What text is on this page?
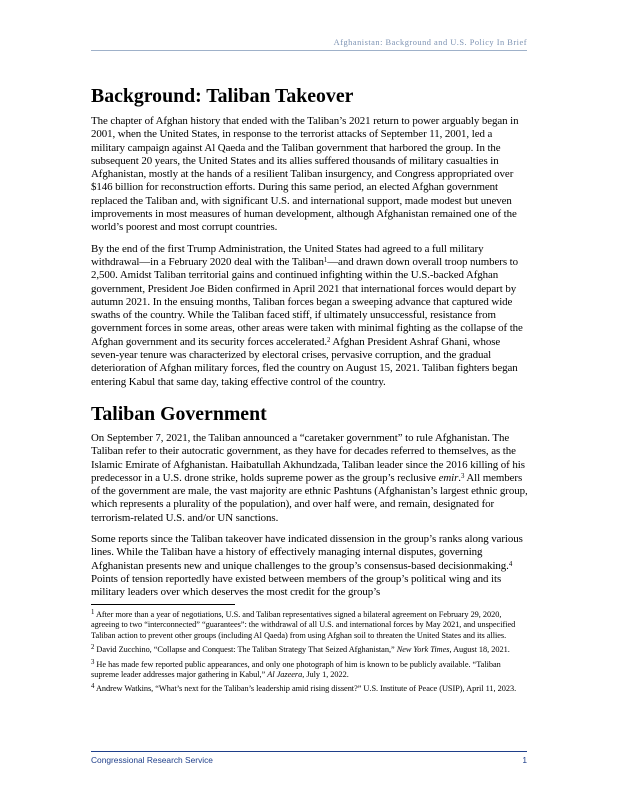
Afghanistan: Background and U.S. Policy In Brief
Background: Taliban Takeover

The chapter of Afghan history that ended with the Taliban’s 2021 return to power arguably began in 2001, when the United States, in response to the terrorist attacks of September 11, 2001, led a military campaign against Al Qaeda and the Taliban government that harbored the group. In the subsequent 20 years, the United States and its allies suffered thousands of military casualties in Afghanistan, mostly at the hands of a resilient Taliban insurgency, and Congress appropriated over $146 billion for reconstruction efforts. During this same period, an elected Afghan government replaced the Taliban and, with significant U.S. and international support, made modest but uneven improvements in most measures of human development, although Afghanistan remained one of the world’s poorest and most corrupt countries.

By the end of the first Trump Administration, the United States had agreed to a full military withdrawal—in a February 2020 deal with the Taliban$^1$—and drawn down overall troop numbers to 2,500. Amidst Taliban territorial gains and continued infighting within the U.S.-backed Afghan government, President Joe Biden confirmed in April 2021 that international forces would depart by autumn 2021. In the ensuing months, Taliban forces began a sweeping advance that captured wide swaths of the country. While the Taliban faced stiff, if ultimately unsuccessful, resistance from government forces in some areas, other areas were taken with minimal fighting as the collapse of the Afghan government and its security forces accelerated.$^2$ Afghan President Ashraf Ghani, whose seven-year tenure was characterized by electoral crises, pervasive corruption, and the gradual deterioration of Afghan military forces, fled the country on August 15, 2021. Taliban fighters began entering Kabul that same day, taking effective control of the country.

Taliban Government

On September 7, 2021, the Taliban announced a “caretaker government” to rule Afghanistan. The Taliban refer to their autocratic government, as they have for decades referred to themselves, as the Islamic Emirate of Afghanistan. Haibatullah Akhundzada, Taliban leader since the 2016 killing of his predecessor in a U.S. drone strike, holds supreme power as the group’s reclusive emir.$^3$ All members of the government are male, the vast majority are ethnic Pashtuns (Afghanistan’s largest ethnic group, which represents a plurality of the population), and over half were, and remain, designated for terrorism-related U.S. and/or UN sanctions.

Some reports since the Taliban takeover have indicated dissension in the group’s ranks along various lines. While the Taliban have a history of effectively managing internal disputes, governing Afghanistan presents new and unique challenges to the group’s consensus-based decisionmaking.$^4$ Points of tension reportedly have existed between members of the group’s political wing and its military leaders over which deserves the most credit for the group’s

$^1$ After more than a year of negotiations, U.S. and Taliban representatives signed a bilateral agreement on February 29, 2020, agreeing to two “interconnected” “guarantees”: the withdrawal of all U.S. and international forces by May 2021, and unspecified Taliban action to prevent other groups (including Al Qaeda) from using Afghan soil to threaten the United States and its allies.

$^2$ David Zucchino, “Collapse and Conquest: The Taliban Strategy That Seized Afghanistan,” New York Times, August 18, 2021.

$^3$ He has made few reported public appearances, and only one photograph of him is known to be publicly available. “Taliban supreme leader addresses major gathering in Kabul,” Al Jazeera, July 1, 2022.

$^4$ Andrew Watkins, “What’s next for the Taliban’s leadership amid rising dissent?” U.S. Institute of Peace (USIP), April 11, 2023.

Congressional Research Service	1
